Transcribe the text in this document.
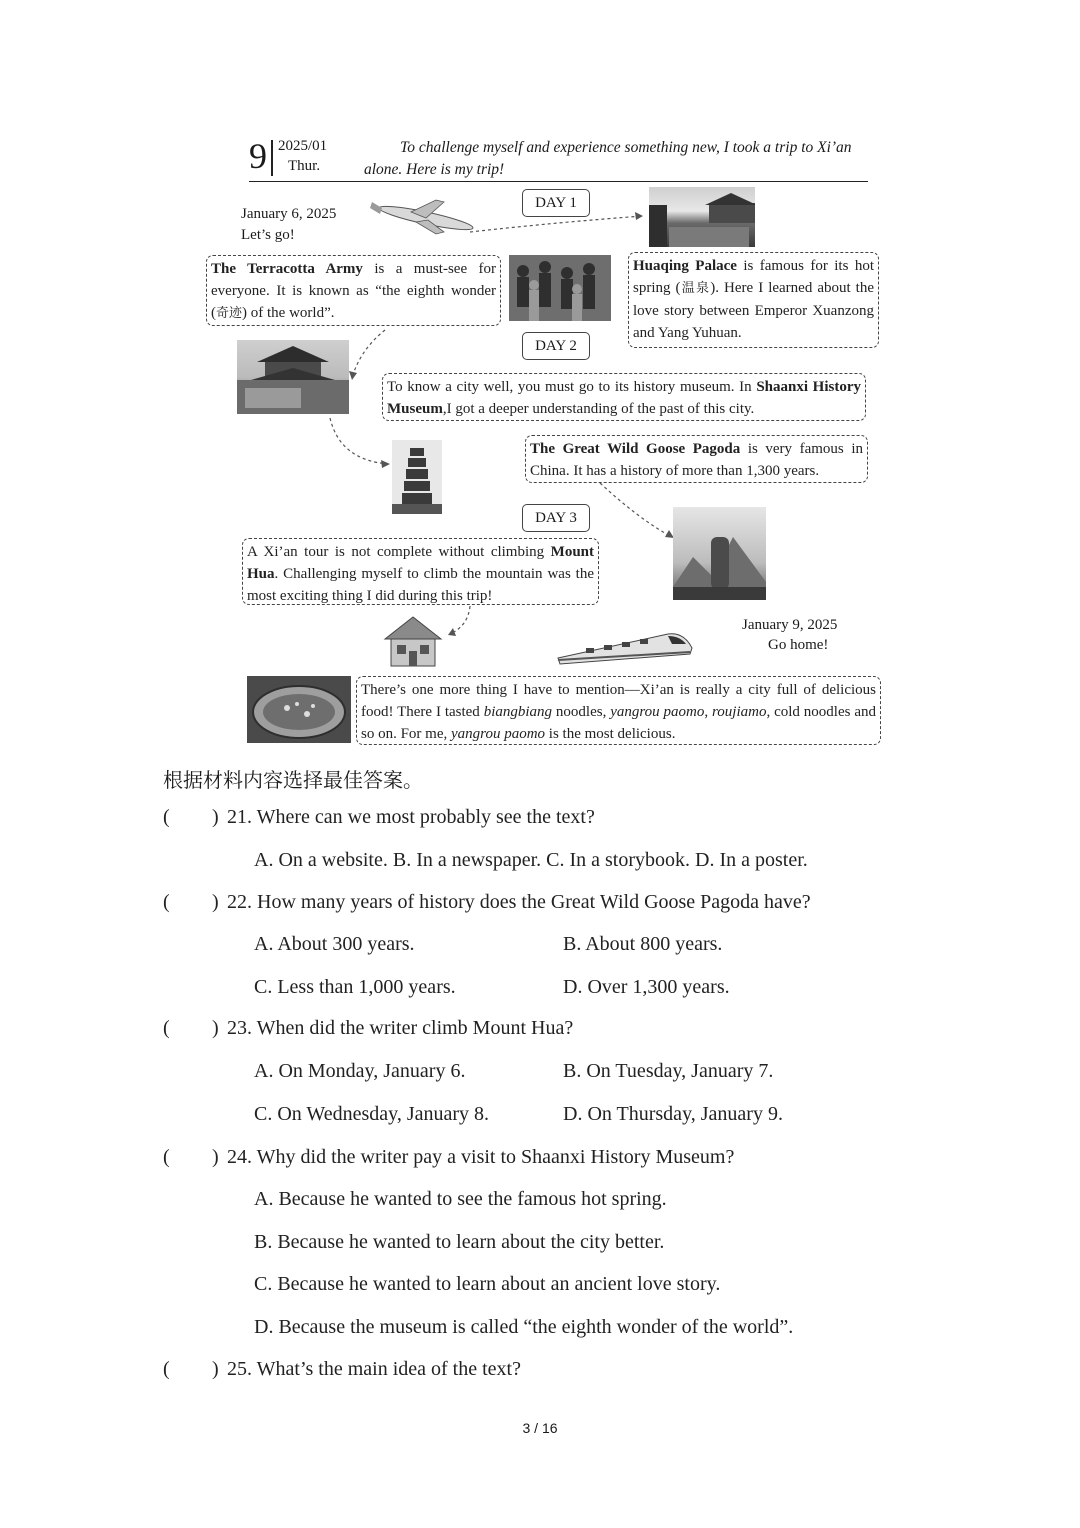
9 2025/01
Thur.
To challenge myself and experience something new, I took a trip to Xi’an alone. Here is my trip!
January 6, 2025
Let’s go!
DAY 1
DAY 2
DAY 3
The Terracotta Army is a must-see for everyone. It is known as “the eighth wonder (奇迹) of the world”.
Huaqing Palace is famous for its hot spring (温泉). Here I learned about the love story between Emperor Xuanzong and Yang Yuhuan.
To know a city well, you must go to its history museum. In Shaanxi History Museum,I got a deeper understanding of the past of this city.
The Great Wild Goose Pagoda is very famous in China. It has a history of more than 1,300 years.
A Xi’an tour is not complete without climbing Mount Hua. Challenging myself to climb the mountain was the most exciting thing I did during this trip!
January 9, 2025
Go home!
There’s one more thing I have to mention—Xi’an is really a city full of delicious food! There I tasted biangbiang noodles, yangrou paomo, roujiamo, cold noodles and so on. For me, yangrou paomo is the most delicious.
根据材料内容选择最佳答案。
( ) 21. Where can we most probably see the text?
A. On a website. B. In a newspaper. C. In a storybook. D. In a poster.
( ) 22. How many years of history does the Great Wild Goose Pagoda have?
A. About 300 years.	B. About 800 years.
C. Less than 1,000 years.	D. Over 1,300 years.
( ) 23. When did the writer climb Mount Hua?
A. On Monday, January 6.	B. On Tuesday, January 7.
C. On Wednesday, January 8.	D. On Thursday, January 9.
( ) 24. Why did the writer pay a visit to Shaanxi History Museum?
A. Because he wanted to see the famous hot spring.
B. Because he wanted to learn about the city better.
C. Because he wanted to learn about an ancient love story.
D. Because the museum is called “the eighth wonder of the world”.
( ) 25. What’s the main idea of the text?
3 / 16
